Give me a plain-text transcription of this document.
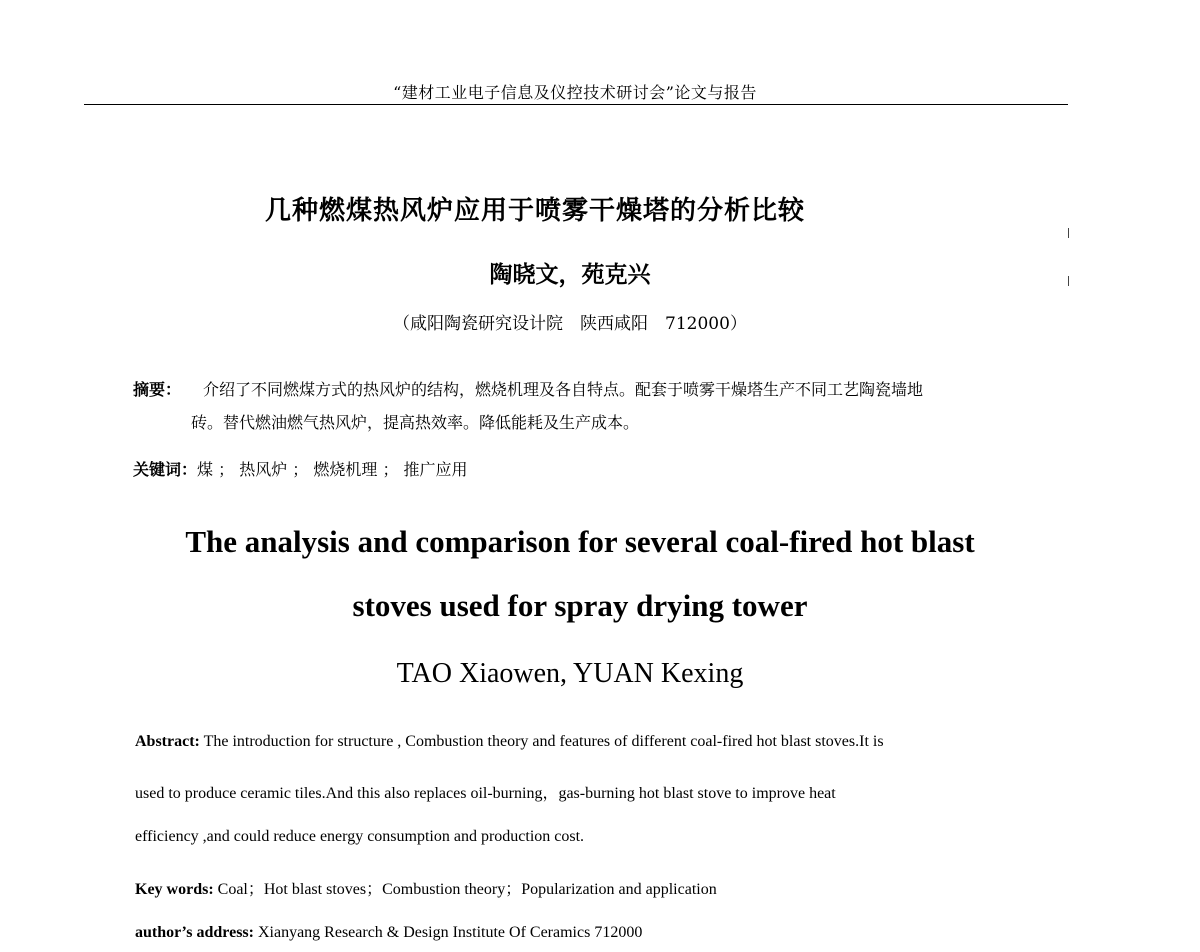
“建材工业电子信息及仪控技术研讨会”论文与报告
几种燃煤热风炉应用于喷雾干燥塔的分析比较
陶晓文，苑克兴
（咸阳陶瓷研究设计院　陕西咸阳　712000）
摘要： 介绍了不同燃煤方式的热风炉的结构，燃烧机理及各自特点。配套于喷雾干燥塔生产不同工艺陶瓷墙地
砖。替代燃油燃气热风炉，提高热效率。降低能耗及生产成本。
关键词：煤 ； 热风炉 ； 燃烧机理 ； 推广应用
The analysis and comparison for several coal-fired hot blast
stoves used for spray drying tower
TAO Xiaowen, YUAN Kexing
Abstract: The introduction for structure , Combustion theory and features of different coal-fired hot blast stoves.It is
used to produce ceramic tiles.And this also replaces oil-burning，gas-burning hot blast stove to improve heat
efficiency ,and could reduce energy consumption and production cost.
Key words: Coal；Hot blast stoves；Combustion theory；Popularization and application
author’s address: Xianyang Research & Design Institute Of Ceramics 712000
